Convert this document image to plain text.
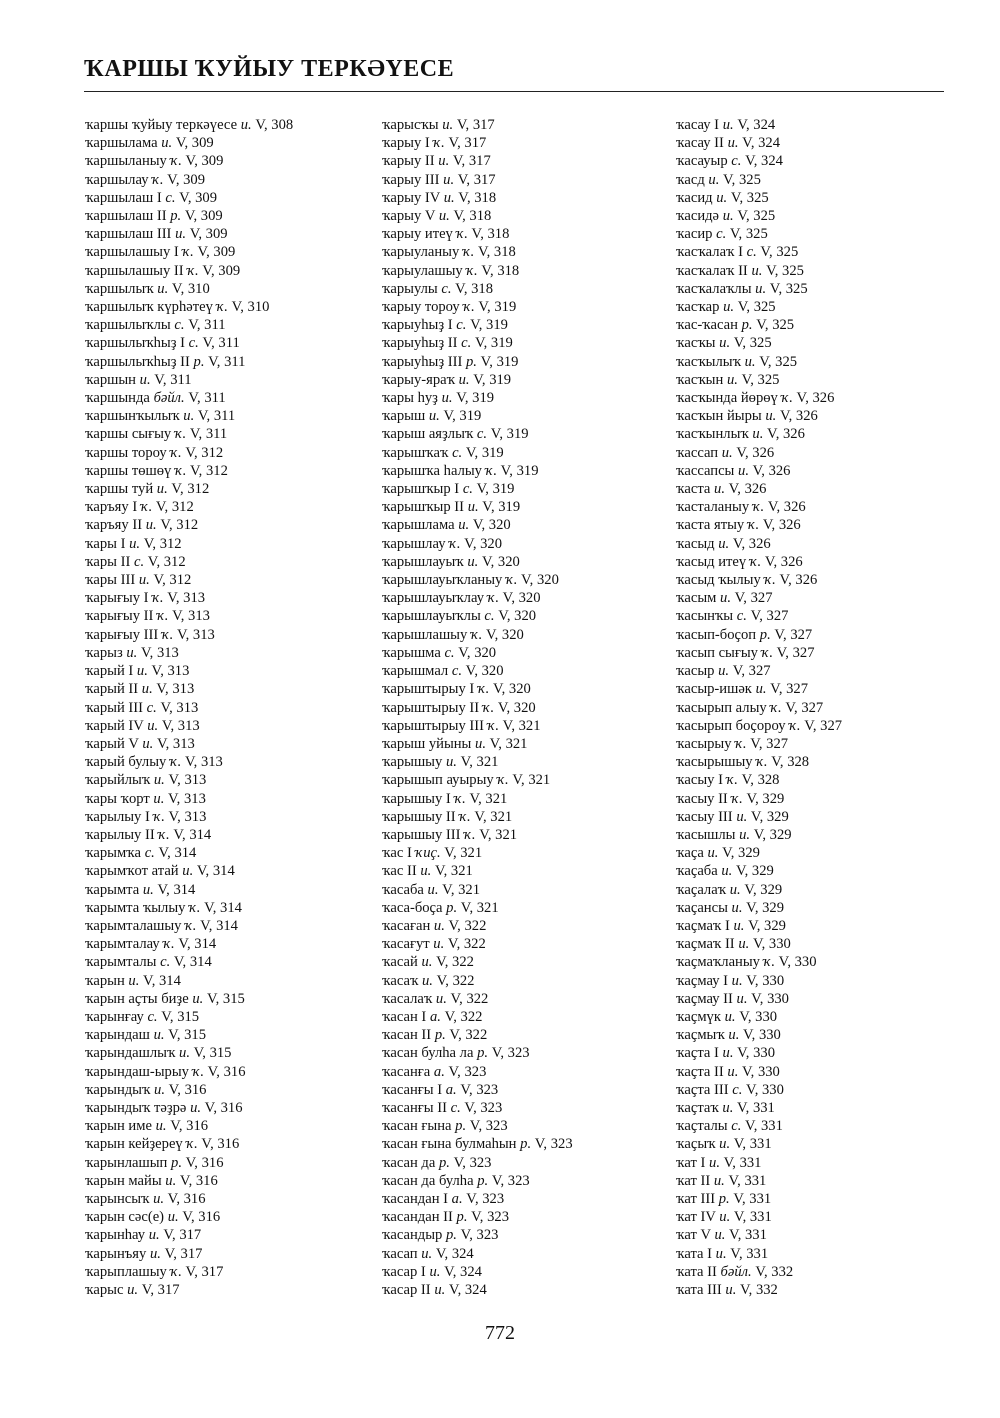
ҠАРШЫ ҠУЙЫУ ТЕРКӘҮЕСЕ
ҡаршы ҡуйыу теркәүесе и. V, 308
ҡаршылама и. V, 309
ҡаршыланыу ҡ. V, 309
ҡаршылау ҡ. V, 309
ҡаршылаш I с. V, 309
ҡаршылаш II р. V, 309
ҡаршылаш III и. V, 309
ҡаршылашыу I ҡ. V, 309
ҡаршылашыу II ҡ. V, 309
ҡаршылыҡ и. V, 310
ҡаршылыҡ күрһәтеү ҡ. V, 310
ҡаршылыҡлы с. V, 311
ҡаршылыҡһыҙ I с. V, 311
ҡаршылыҡһыҙ II р. V, 311
ҡаршын и. V, 311
ҡаршында бәйл. V, 311
ҡаршынҡылыҡ и. V, 311
ҡаршы сығыу ҡ. V, 311
ҡаршы тороу ҡ. V, 312
ҡаршы төшөү ҡ. V, 312
ҡаршы туй и. V, 312
ҡаръяу I ҡ. V, 312
ҡаръяу II и. V, 312
ҡары I и. V, 312
ҡары II с. V, 312
ҡары III и. V, 312
ҡарығыу I ҡ. V, 313
ҡарығыу II ҡ. V, 313
ҡарығыу III ҡ. V, 313
ҡарыз и. V, 313
ҡарый I и. V, 313
ҡарый II и. V, 313
ҡарый III с. V, 313
ҡарый IV и. V, 313
ҡарый V и. V, 313
ҡарый булыу ҡ. V, 313
ҡарыйлыҡ и. V, 313
ҡары ҡорт и. V, 313
ҡарылыу I ҡ. V, 313
ҡарылыу II ҡ. V, 314
ҡарымҡа с. V, 314
ҡарымҡот атай и. V, 314
ҡарымта и. V, 314
ҡарымта ҡылыу ҡ. V, 314
ҡарымталашыу ҡ. V, 314
ҡарымталау ҡ. V, 314
ҡарымталы с. V, 314
ҡарын и. V, 314
ҡарын аҫты биҙе и. V, 315
ҡарынғау с. V, 315
ҡарындаш и. V, 315
ҡарындашлыҡ и. V, 315
ҡарындаш-ырыу ҡ. V, 316
ҡарындыҡ и. V, 316
ҡарындыҡ тәҙрә и. V, 316
ҡарын име и. V, 316
ҡарын кейҙереү ҡ. V, 316
ҡарынлашып р. V, 316
ҡарын майы и. V, 316
ҡарынсыҡ и. V, 316
ҡарын сәс(е) и. V, 316
ҡарынһау и. V, 317
ҡарынъяу и. V, 317
ҡарыплашыу ҡ. V, 317
ҡарыс и. V, 317
ҡарысҡы и. V, 317
ҡарыу I ҡ. V, 317
ҡарыу II и. V, 317
ҡарыу III и. V, 317
ҡарыу IV и. V, 318
ҡарыу V и. V, 318
ҡарыу итеү ҡ. V, 318
ҡарыуланыу ҡ. V, 318
ҡарыулашыу ҡ. V, 318
ҡарыулы с. V, 318
ҡарыу тороу ҡ. V, 319
ҡарыуһыҙ I с. V, 319
ҡарыуһыҙ II с. V, 319
ҡарыуһыҙ III р. V, 319
ҡарыу-яраҡ и. V, 319
ҡары һуҙ и. V, 319
ҡарыш и. V, 319
ҡарыш аяҙлыҡ с. V, 319
ҡарышҡаҡ с. V, 319
ҡарышҡа һалыу ҡ. V, 319
ҡарышҡыр I с. V, 319
ҡарышҡыр II и. V, 319
ҡарышлама и. V, 320
ҡарышлау ҡ. V, 320
ҡарышлауыҡ и. V, 320
ҡарышлауыҡланыу ҡ. V, 320
ҡарышлауыҡлау ҡ. V, 320
ҡарышлауыҡлы с. V, 320
ҡарышлашыу ҡ. V, 320
ҡарышма с. V, 320
ҡарышмал с. V, 320
ҡарыштырыу I ҡ. V, 320
ҡарыштырыу II ҡ. V, 320
ҡарыштырыу III ҡ. V, 321
ҡарыш уйыны и. V, 321
ҡарышыу и. V, 321
ҡарышып ауырыу ҡ. V, 321
ҡарышыу I ҡ. V, 321
ҡарышыу II ҡ. V, 321
ҡарышыу III ҡ. V, 321
ҡас I ҡиҫ. V, 321
ҡас II и. V, 321
ҡасаба и. V, 321
ҡаса-боҫа р. V, 321
ҡасаған и. V, 322
ҡасағут и. V, 322
ҡасай и. V, 322
ҡасаҡ и. V, 322
ҡасалаҡ и. V, 322
ҡасан I а. V, 322
ҡасан II р. V, 322
ҡасан булһа ла р. V, 323
ҡасанға а. V, 323
ҡасанғы I а. V, 323
ҡасанғы II с. V, 323
ҡасан ғына р. V, 323
ҡасан ғына булмаһын р. V, 323
ҡасан да р. V, 323
ҡасан да булһа р. V, 323
ҡасандан I а. V, 323
ҡасандан II р. V, 323
ҡасандыр р. V, 323
ҡасап и. V, 324
ҡасар I и. V, 324
ҡасар II и. V, 324
ҡасау I и. V, 324
ҡасау II и. V, 324
ҡасауыр с. V, 324
ҡасд и. V, 325
ҡасид и. V, 325
ҡасидә и. V, 325
ҡасир с. V, 325
ҡасҡалаҡ I с. V, 325
ҡасҡалаҡ II и. V, 325
ҡасҡалаҡлы и. V, 325
ҡасҡар и. V, 325
ҡас-ҡасан р. V, 325
ҡасҡы и. V, 325
ҡасҡылыҡ и. V, 325
ҡасҡын и. V, 325
ҡасҡында йөрөү ҡ. V, 326
ҡасҡын йыры и. V, 326
ҡасҡынлыҡ и. V, 326
ҡассап и. V, 326
ҡассапсы и. V, 326
ҡаста и. V, 326
ҡасталаныу ҡ. V, 326
ҡаста ятыу ҡ. V, 326
ҡасыд и. V, 326
ҡасыд итеү ҡ. V, 326
ҡасыд ҡылыу ҡ. V, 326
ҡасым и. V, 327
ҡасынҡы с. V, 327
ҡасып-боҫоп р. V, 327
ҡасып сығыу ҡ. V, 327
ҡасыр и. V, 327
ҡасыр-ишәк и. V, 327
ҡасырып алыу ҡ. V, 327
ҡасырып боҫороу ҡ. V, 327
ҡасырыу ҡ. V, 327
ҡасырышыу ҡ. V, 328
ҡасыу I ҡ. V, 328
ҡасыу II ҡ. V, 329
ҡасыу III и. V, 329
ҡасышлы и. V, 329
ҡаҫа и. V, 329
ҡаҫаба и. V, 329
ҡаҫалаҡ и. V, 329
ҡаҫансы и. V, 329
ҡаҫмаҡ I и. V, 329
ҡаҫмаҡ II и. V, 330
ҡаҫмаҡланыу ҡ. V, 330
ҡаҫмау I и. V, 330
ҡаҫмау II и. V, 330
ҡаҫмүк и. V, 330
ҡаҫмыҡ и. V, 330
ҡаҫта I и. V, 330
ҡаҫта II и. V, 330
ҡаҫта III с. V, 330
ҡаҫтаҡ и. V, 331
ҡаҫталы с. V, 331
ҡаҫыҡ и. V, 331
ҡат I и. V, 331
ҡат II и. V, 331
ҡат III р. V, 331
ҡат IV и. V, 331
ҡат V и. V, 331
ҡата I и. V, 331
ҡата II бәйл. V, 332
ҡата III и. V, 332
772
